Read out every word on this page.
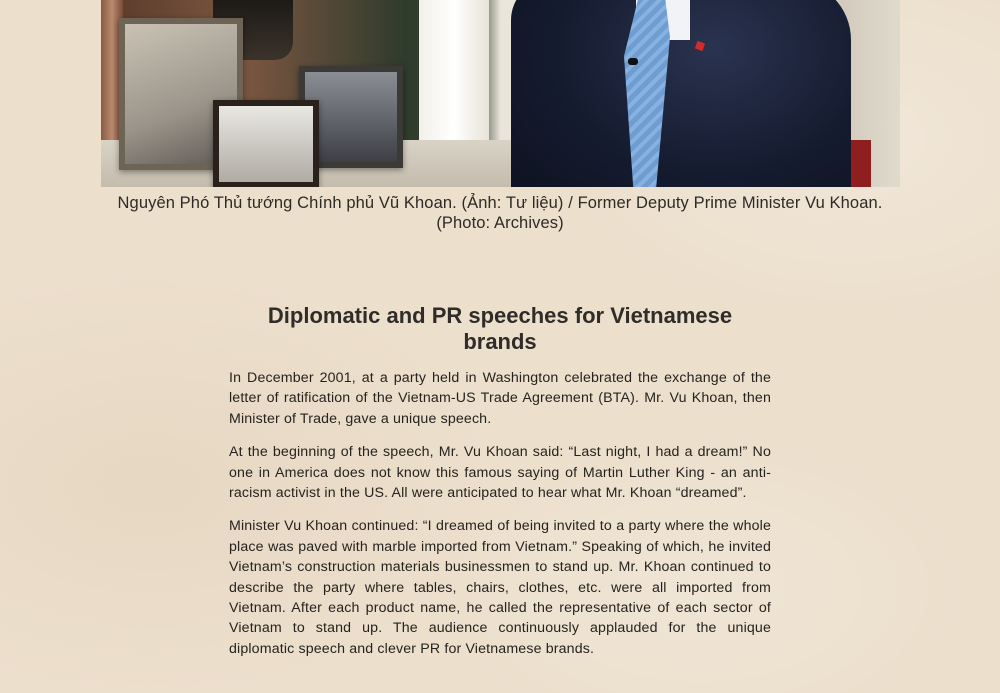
Nguyên Phó Thủ tướng Chính phủ Vũ Khoan. (Ảnh: Tư liệu) / Former Deputy Prime Minister Vu Khoan. (Photo: Archives)
Diplomatic and PR speeches for Vietnamese brands

In December 2001, at a party held in Washington celebrated the exchange of the letter of ratification of the Vietnam-US Trade Agreement (BTA). Mr. Vu Khoan, then Minister of Trade, gave a unique speech.

At the beginning of the speech, Mr. Vu Khoan said: “Last night, I had a dream!” No one in America does not know this famous saying of Martin Luther King - an anti-racism activist in the US. All were anticipated to hear what Mr. Khoan “dreamed”.

Minister Vu Khoan continued: “I dreamed of being invited to a party where the whole place was paved with marble imported from Vietnam.” Speaking of which, he invited Vietnam’s construction materials businessmen to stand up. Mr. Khoan continued to describe the party where tables, chairs, clothes, etc. were all imported from Vietnam. After each product name, he called the representative of each sector of Vietnam to stand up. The audience continuously applauded for the unique diplomatic speech and clever PR for Vietnamese brands.
